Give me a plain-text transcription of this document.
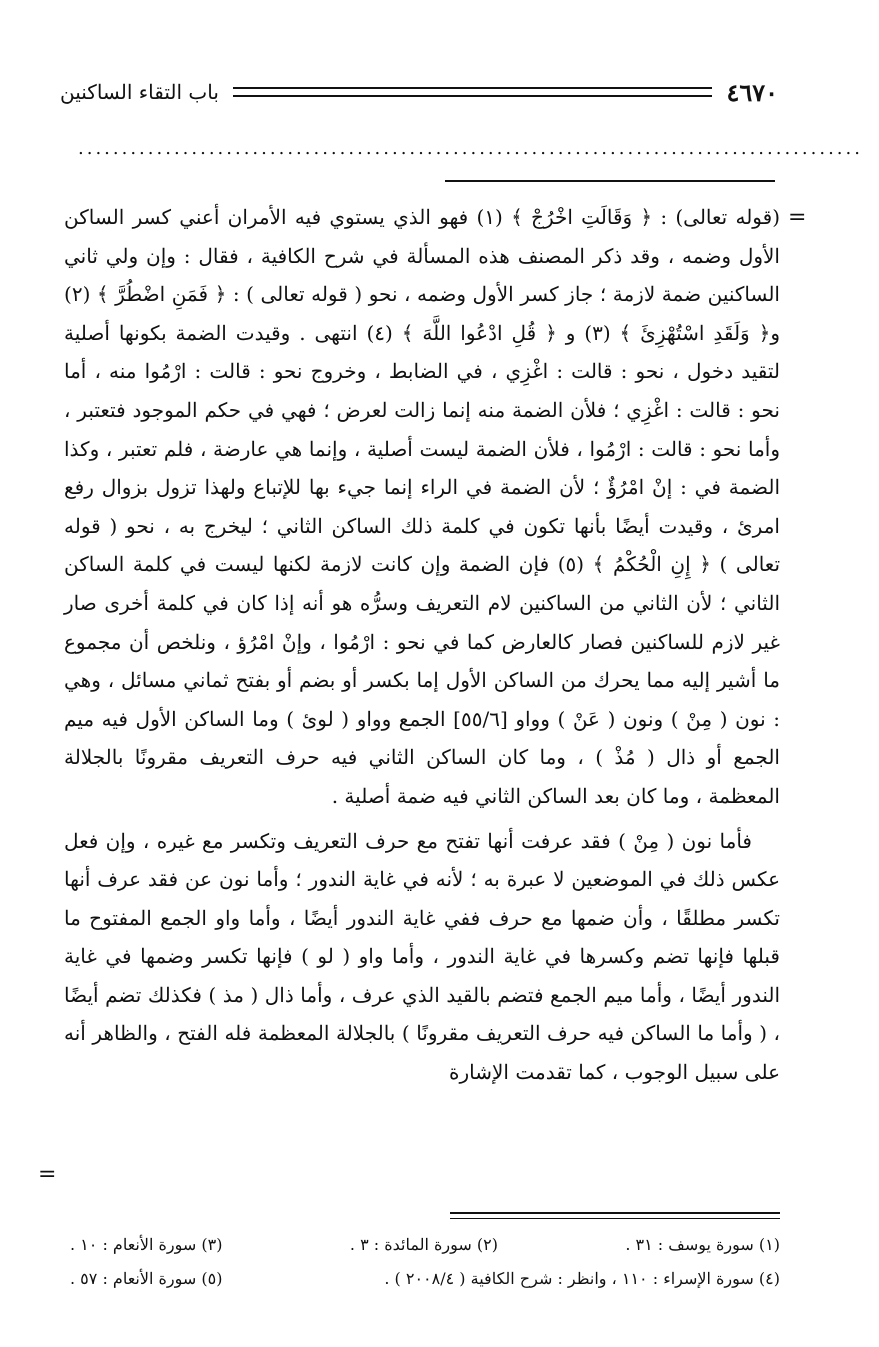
٤٦٧٠
باب التقاء الساكنين
..........................................................................................
=

(قوله تعالى) : ﴿ وَقَالَتِ اخْرُجْ ﴾ (١) فهو الذي يستوي فيه الأمران أعني كسر الساكن الأول وضمه ، وقد ذكر المصنف هذه المسألة في شرح الكافية ، فقال : وإن ولي ثاني الساكنين ضمة لازمة ؛ جاز كسر الأول وضمه ، نحو ( قوله تعالى ) : ﴿ فَمَنِ اضْطُرَّ ﴾ (٢) و﴿ وَلَقَدِ اسْتُهْزِئَ ﴾ (٣) و ﴿ قُلِ ادْعُوا اللَّهَ ﴾ (٤) انتهى . وقيدت الضمة بكونها أصلية لتقيد دخول ، نحو : قالت : اغْزِي ، في الضابط ، وخروج نحو : قالت : ارْمُوا منه ، أما نحو : قالت : اغْزِي ؛ فلأن الضمة منه إنما زالت لعرض ؛ فهي في حكم الموجود فتعتبر ، وأما نحو : قالت : ارْمُوا ، فلأن الضمة ليست أصلية ، وإنما هي عارضة ، فلم تعتبر ، وكذا الضمة في : إنْ امْرُؤٌ ؛ لأن الضمة في الراء إنما جيء بها للإتباع ولهذا تزول بزوال رفع امرئ ، وقيدت أيضًا بأنها تكون في كلمة ذلك الساكن الثاني ؛ ليخرج به ، نحو ( قوله تعالى ) ﴿ إِنِ الْحُكْمُ ﴾ (٥) فإن الضمة وإن كانت لازمة لكنها ليست في كلمة الساكن الثاني ؛ لأن الثاني من الساكنين لام التعريف وسرُّه هو أنه إذا كان في كلمة أخرى صار غير لازم للساكنين فصار كالعارض كما في نحو : ارْمُوا ، وإنْ امْرُؤ ، ونلخص أن مجموع ما أشير إليه مما يحرك من الساكن الأول إما بكسر أو بضم أو بفتح ثماني مسائل ، وهي : نون ( مِنْ ) ونون ( عَنْ ) وواو [٥٥/٦] الجمع وواو ( لوئ ) وما الساكن الأول فيه ميم الجمع أو ذال ( مُذْ ) ، وما كان الساكن الثاني فيه حرف التعريف مقرونًا بالجلالة المعظمة ، وما كان بعد الساكن الثاني فيه ضمة أصلية .

فأما نون ( مِنْ ) فقد عرفت أنها تفتح مع حرف التعريف وتكسر مع غيره ، وإن فعل عكس ذلك في الموضعين لا عبرة به ؛ لأنه في غاية الندور ؛ وأما نون عن فقد عرف أنها تكسر مطلقًا ، وأن ضمها مع حرف ففي غاية الندور أيضًا ، وأما واو الجمع المفتوح ما قبلها فإنها تضم وكسرها في غاية الندور ، وأما واو ( لو ) فإنها تكسر وضمها في غاية الندور أيضًا ، وأما ميم الجمع فتضم بالقيد الذي عرف ، وأما ذال ( مذ ) فكذلك تضم أيضًا ، ( وأما ما الساكن فيه حرف التعريف مقرونًا ) بالجلالة المعظمة فله الفتح ، والظاهر أنه على سبيل الوجوب ، كما تقدمت الإشارة

=
(١) سورة يوسف : ٣١ .
(٢) سورة المائدة : ٣ .
(٣) سورة الأنعام : ١٠ .
(٤) سورة الإسراء : ١١٠ ، وانظر : شرح الكافية ( ٢٠٠٨/٤ ) .
(٥) سورة الأنعام : ٥٧ .
